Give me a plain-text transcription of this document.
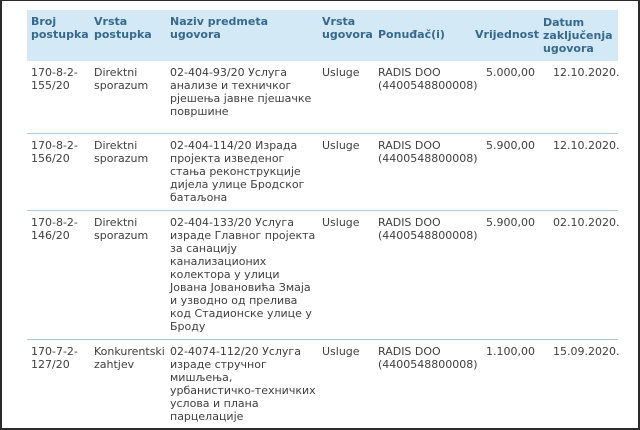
Broj postupka	Vrsta postupka	Naziv predmeta ugovora	Vrsta ugovora	Ponuđač(i)	Vrijednost	Datum zaključenja ugovora
170-8-2-155/20	Direktni sporazum	02-404-93/20 Услуга анализе и техничког рјешења јавне пјешачке површине	Usluge	RADIS DOO (4400548800008)	5.000,00	12.10.2020.
170-8-2-156/20	Direktni sporazum	02-404-114/20 Израда пројекта изведеног стања реконструкције дијела улице Бродског батаљона	Usluge	RADIS DOO (4400548800008)	5.900,00	12.10.2020.
170-8-2-146/20	Direktni sporazum	02-404-133/20 Услуга израде Главног пројекта за санацију канализационих колектора у улици Јована Јовановића Змаја и узводно од прелива код Стадионске улице у Броду	Usluge	RADIS DOO (4400548800008)	5.900,00	02.10.2020.
170-7-2-127/20	Konkurentski zahtjev	02-4074-112/20 Услуга израде стручног мишљења, урбанистичко-техничких услова и плана парцелације	Usluge	RADIS DOO (4400548800008)	1.100,00	15.09.2020.
